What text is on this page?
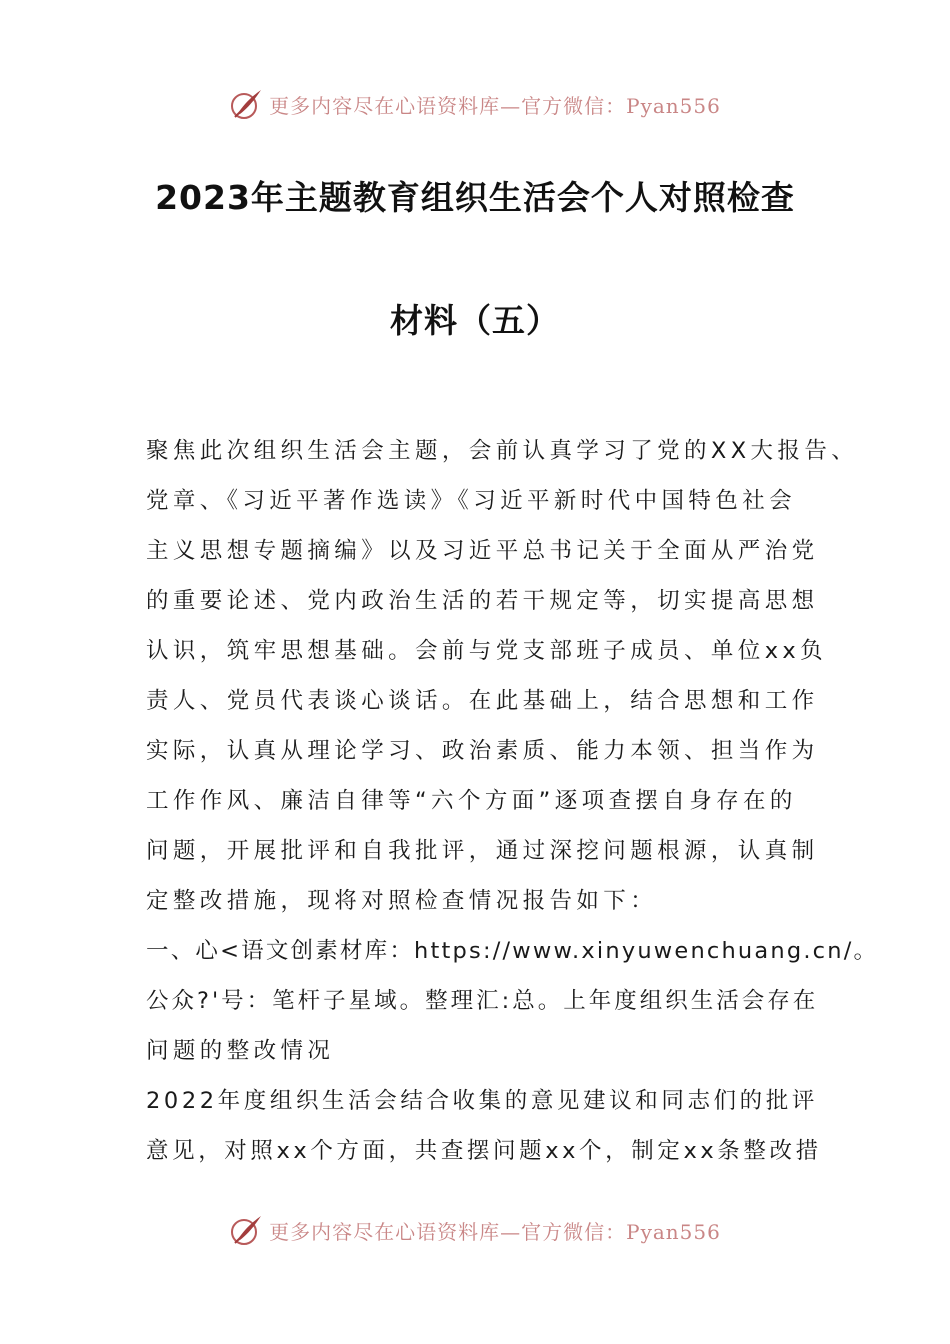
更多内容尽在心语资料库—官方微信：Pyan556
2023年主题教育组织生活会个人对照检查
材料（五）

聚焦此次组织生活会主题，会前认真学习了党的XX大报告、

党章、《习近平著作选读》《习近平新时代中国特色社会

主义思想专题摘编》以及习近平总书记关于全面从严治党

的重要论述、党内政治生活的若干规定等，切实提高思想

认识，筑牢思想基础。会前与党支部班子成员、单位xx负

责人、党员代表谈心谈话。在此基础上，结合思想和工作

实际，认真从理论学习、政治素质、能力本领、担当作为

工作作风、廉洁自律等“六个方面”逐项查摆自身存在的

问题，开展批评和自我批评，通过深挖问题根源，认真制

定整改措施，现将对照检查情况报告如下：

一、心<语文创素材库：https://www.xinyuwenchuang.cn/。

公众?'号：笔杆子星域。整理汇:总。上年度组织生活会存在

问题的整改情况

2022年度组织生活会结合收集的意见建议和同志们的批评

意见，对照xx个方面，共查摆问题xx个，制定xx条整改措

更多内容尽在心语资料库—官方微信：Pyan556
